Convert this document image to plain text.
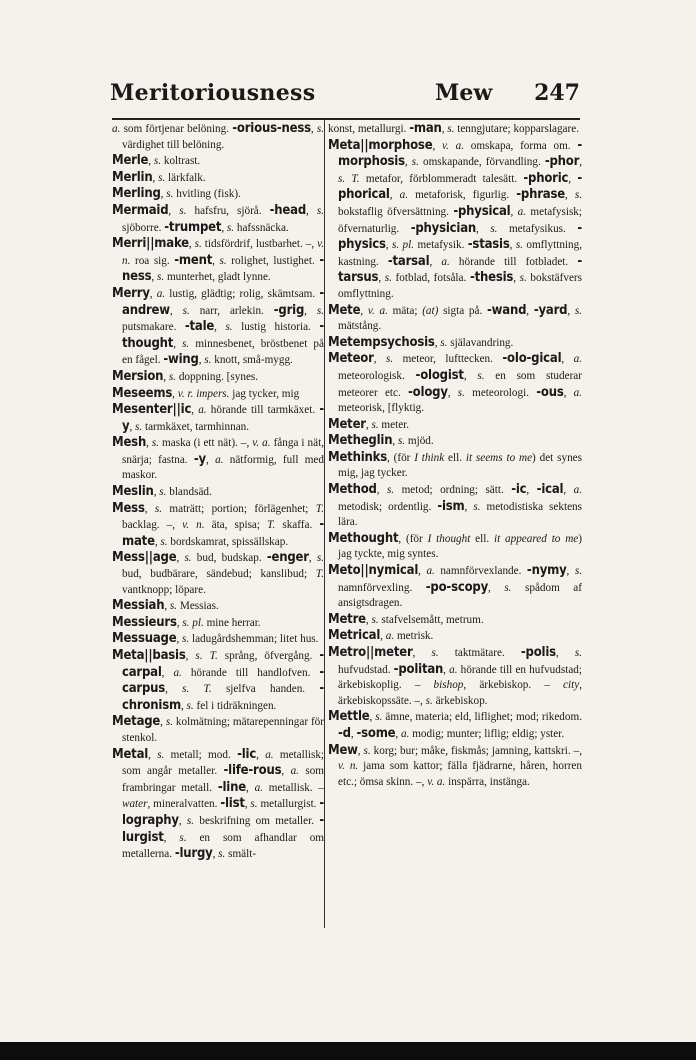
Meritoriousness	Mew 247

a. som förtjenar belöning. -orious-ness, s. värdighet till belöning.

Merle, s. koltrast.

Merlin, s. lärkfalk.

Merling, s. hvitling (fisk).

Mermaid, s. hafsfru, sjörå. -head, s. sjöborre. -trumpet, s. hafssnäcka.

Merri||make, s. tidsfördrif, lustbarhet. –, v. n. roa sig. -ment, s. rolighet, lustighet. -ness, s. munterhet, gladt lynne.

Merry, a. lustig, glädtig; rolig, skämtsam. -andrew, s. narr, arlekin. -grig, s. putsmakare. -tale, s. lustig historia. -thought, s. minnesbenet, bröstbenet på en fågel. -wing, s. knott, små-mygg.

Mersion, s. doppning. [synes.

Meseems, v. r. impers. jag tycker, mig

Mesenter||ic, a. hörande till tarmkäxet. -y, s. tarmkäxet, tarmhinnan.

Mesh, s. maska (i ett nät). –, v. a. fånga i nät, snärja; fastna. -y, a. nätformig, full med maskor.

Meslin, s. blandsäd.

Mess, s. maträtt; portion; förlägenhet; T. backlag. –, v. n. äta, spisa; T. skaffa. -mate, s. bordskamrat, spissällskap.

Mess||age, s. bud, budskap. -enger, s. bud, budbärare, sändebud; kanslibud; T. vantknopp; löpare.

Messiah, s. Messias.

Messieurs, s. pl. mine herrar.

Messuage, s. ladugårdshemman; litet hus.

Meta||basis, s. T. språng, öfvergång. -carpal, a. hörande till handlofven. -carpus, s. T. sjelfva handen. -chronism, s. fel i tidräkningen.

Metage, s. kolmätning; mätarepenningar för stenkol.

Metal, s. metall; mod. -lic, a. metallisk; som angår metaller. -life-rous, a. som frambringar metall. -line, a. metallisk. – water, mineralvatten. -list, s. metallurgist. -lography, s. beskrifning om metaller. -lurgist, s. en som afhandlar om metallerna. -lurgy, s. smält-

konst, metallurgi. -man, s. tenngjutare; kopparslagare.

Meta||morphose, v. a. omskapa, forma om. -morphosis, s. omskapande, förvandling. -phor, s. T. metafor, förblommeradt talesätt. -phoric, -phorical, a. metaforisk, figurlig. -phrase, s. bokstaflig öfversättning. -physical, a. metafysisk; öfvernaturlig. -physician, s. metafysikus. -physics, s. pl. metafysik. -stasis, s. omflyttning, kastning. -tarsal, a. hörande till fotbladet. -tarsus, s. fotblad, fotsåla. -thesis, s. bokstäfvers omflyttning.

Mete, v. a. mäta; (at) sigta på. -wand, -yard, s. mätstång.

Metempsychosis, s. själavandring.

Meteor, s. meteor, lufttecken. -olo-gical, a. meteorologisk. -ologist, s. en som studerar meteorer etc. -ology, s. meteorologi. -ous, a. meteorisk, [flyktig.

Meter, s. meter.

Metheglin, s. mjöd.

Methinks, (för I think ell. it seems to me) det synes mig, jag tycker.

Method, s. metod; ordning; sätt. -ic, -ical, a. metodisk; ordentlig. -ism, s. metodistiska sektens lära.

Methought, (för I thought ell. it appeared to me) jag tyckte, mig syntes.

Meto||nymical, a. namnförvexlande. -nymy, s. namnförvexling. -po-scopy, s. spådom af ansigtsdragen.

Metre, s. stafvelsemått, metrum.

Metrical, a. metrisk.

Metro||meter, s. taktmätare. -polis, s. hufvudstad. -politan, a. hörande till en hufvudstad; ärkebiskoplig. – bishop, ärkebiskop. – city, ärkebiskopssäte. –, s. ärkebiskop.

Mettle, s. ämne, materia; eld, liflighet; mod; rikedom. -d, -some, a. modig; munter; liflig; eldig; yster.

Mew, s. korg; bur; måke, fiskmås; jamning, kattskri. –, v. n. jama som kattor; fälla fjädrarne, håren, horren etc.; ömsa skinn. –, v. a. inspärra, instänga.
